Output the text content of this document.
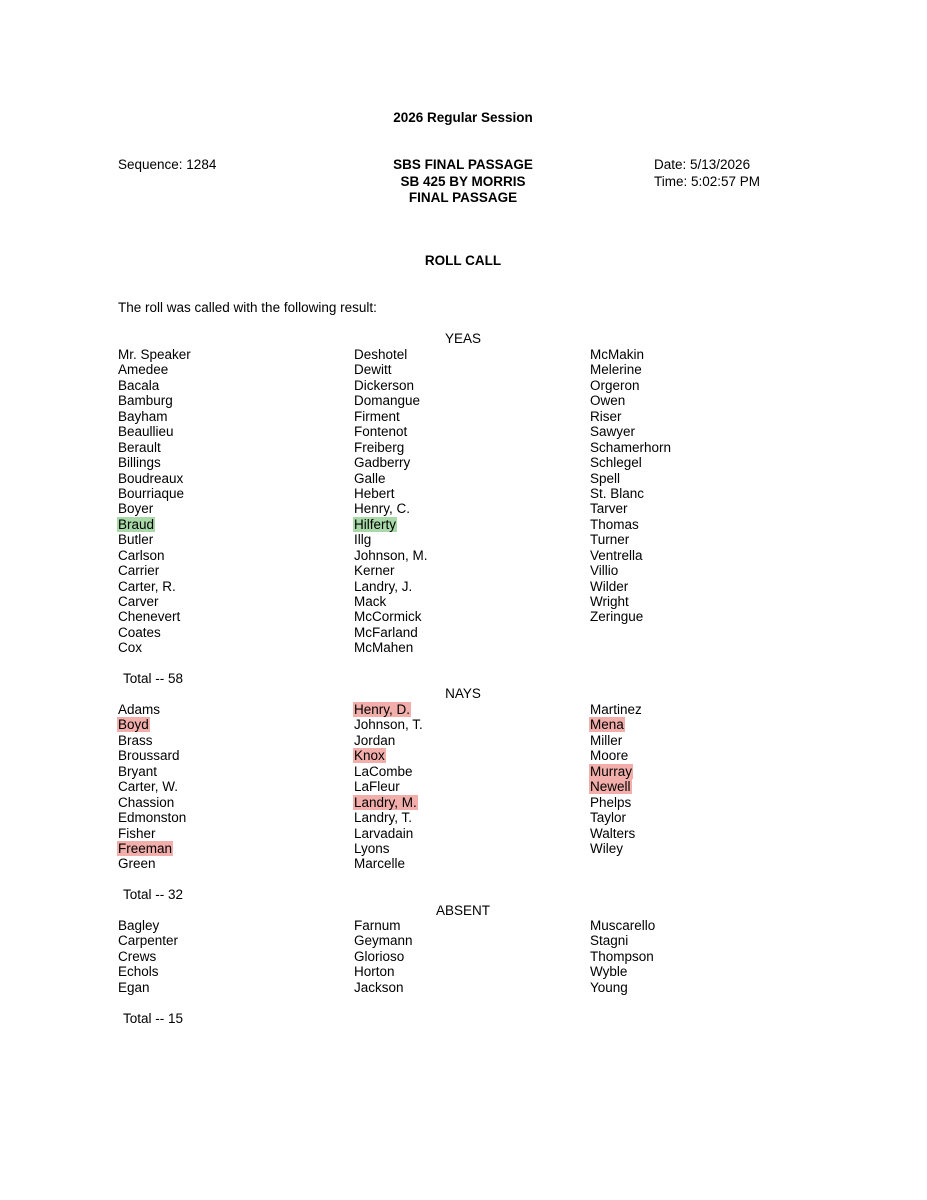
2026 Regular Session
Sequence: 1284	SBS FINAL PASSAGE
SB 425 BY MORRIS
FINAL PASSAGE
Date: 5/13/2026
Time: 5:02:57 PM
ROLL CALL
The roll was called with the following result:
YEAS
Mr. Speaker
Amedee
Bacala
Bamburg
Bayham
Beaullieu
Berault
Billings
Boudreaux
Bourriaque
Boyer
Braud
Butler
Carlson
Carrier
Carter, R.
Carver
Chenevert
Coates
Cox
Deshotel
Dewitt
Dickerson
Domangue
Firment
Fontenot
Freiberg
Gadberry
Galle
Hebert
Henry, C.
Hilferty
Illg
Johnson, M.
Kerner
Landry, J.
Mack
McCormick
McFarland
McMahen
McMakin
Melerine
Orgeron
Owen
Riser
Sawyer
Schamerhorn
Schlegel
Spell
St. Blanc
Tarver
Thomas
Turner
Ventrella
Villio
Wilder
Wright
Zeringue
Total -- 58
NAYS
Adams
Boyd
Brass
Broussard
Bryant
Carter, W.
Chassion
Edmonston
Fisher
Freeman
Green
Henry, D.
Johnson, T.
Jordan
Knox
LaCombe
LaFleur
Landry, M.
Landry, T.
Larvadain
Lyons
Marcelle
Martinez
Mena
Miller
Moore
Murray
Newell
Phelps
Taylor
Walters
Wiley
Total -- 32
ABSENT
Bagley
Carpenter
Crews
Echols
Egan
Farnum
Geymann
Glorioso
Horton
Jackson
Muscarello
Stagni
Thompson
Wyble
Young
Total -- 15
